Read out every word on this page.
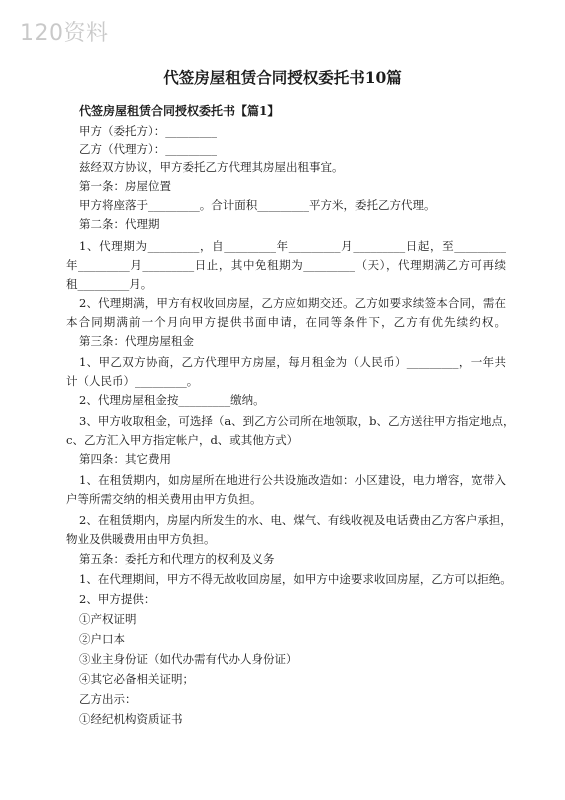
120资料
代签房屋租赁合同授权委托书10篇
代签房屋租赁合同授权委托书【篇1】
甲方（委托方）：_________
乙方（代理方）：_________
兹经双方协议，甲方委托乙方代理其房屋出租事宜。
第一条：房屋位置
甲方将座落于_________。合计面积_________平方米，委托乙方代理。
第二条：代理期
1、代理期为_________，自_________年_________月_________日起，至_________
年_________月_________日止，其中免租期为_________（天），代理期满乙方可再续
租_________月。
2、代理期满，甲方有权收回房屋，乙方应如期交还。乙方如要求续签本合同，需在
本合同期满前一个月向甲方提供书面申请，在同等条件下，乙方有优先续约权。
第三条：代理房屋租金
1、甲乙双方协商，乙方代理甲方房屋，每月租金为（人民币）_________，一年共
计（人民币）_________。
2、代理房屋租金按_________缴纳。
3、甲方收取租金，可选择（a、到乙方公司所在地领取，b、乙方送往甲方指定地点，
c、乙方汇入甲方指定帐户，d、或其他方式）
第四条：其它费用
1、在租赁期内，如房屋所在地进行公共设施改造如：小区建设，电力增容，宽带入
户等所需交纳的相关费用由甲方负担。
2、在租赁期内，房屋内所发生的水、电、煤气、有线收视及电话费由乙方客户承担，
物业及供暖费用由甲方负担。
第五条：委托方和代理方的权利及义务
1、在代理期间，甲方不得无故收回房屋，如甲方中途要求收回房屋，乙方可以拒绝。
2、甲方提供：
①产权证明
②户口本
③业主身份证（如代办需有代办人身份证）
④其它必备相关证明；
乙方出示：
①经纪机构资质证书
